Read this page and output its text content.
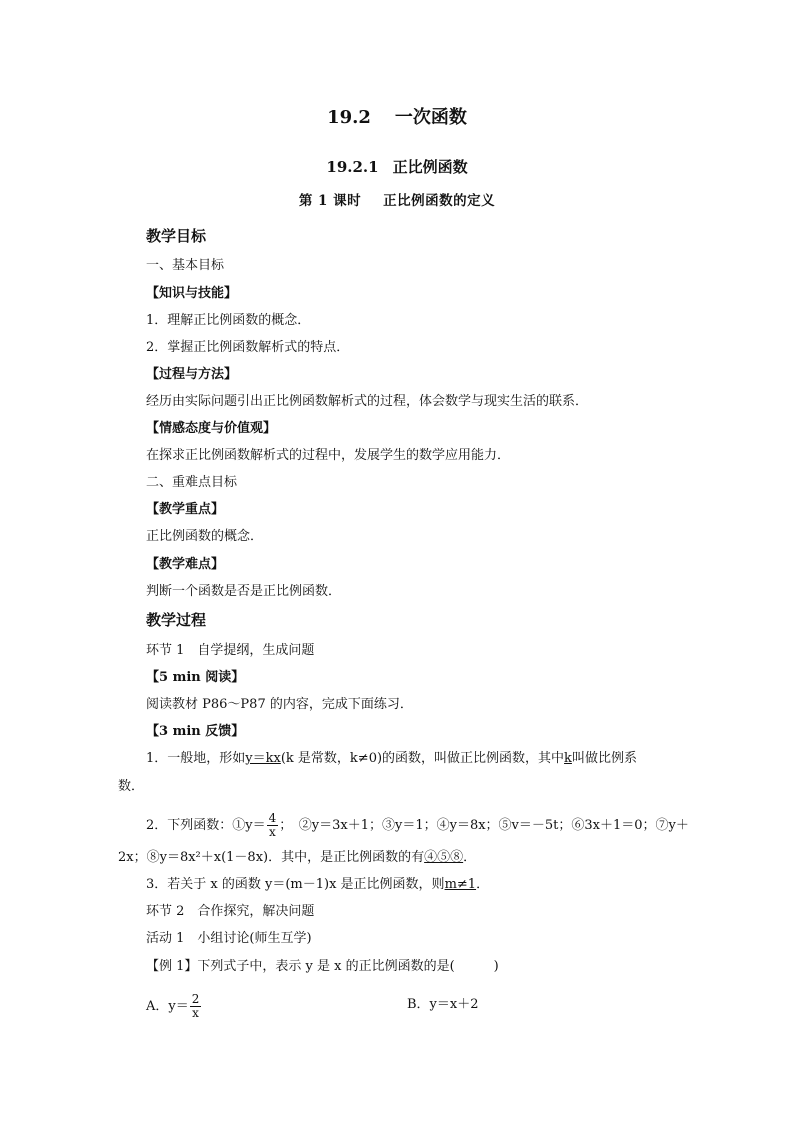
19.2 一次函数
19.2.1 正比例函数
第 1 课时 正比例函数的定义
教学目标
一、基本目标
【知识与技能】
1．理解正比例函数的概念．
2．掌握正比例函数解析式的特点．
【过程与方法】
经历由实际问题引出正比例函数解析式的过程，体会数学与现实生活的联系．
【情感态度与价值观】
在探求正比例函数解析式的过程中，发展学生的数学应用能力．
二、重难点目标
【教学重点】
正比例函数的概念．
【教学难点】
判断一个函数是否是正比例函数．
教学过程
环节 1　自学提纲，生成问题
【5 min 阅读】
阅读教材 P86～P87 的内容，完成下面练习．
【3 min 反馈】
1．一般地，形如y＝kx(k 是常数，k≠0)的函数，叫做正比例函数，其中k叫做比例系
数．
2．下列函数：①y＝ $\frac{4}{x}$ ；　②y＝3x＋1；③y＝1；④y＝8x；⑤v＝－5t；⑥3x＋1＝0；⑦y＋
2x；⑧y＝8x²＋x(1－8x)．其中，是正比例函数的有④⑤⑧．
3．若关于 x 的函数 y＝(m－1)x 是正比例函数，则m≠1．
环节 2　合作探究，解决问题
活动 1　小组讨论(师生互学)
【例 1】下列式子中，表示 y 是 x 的正比例函数的是(　　　)
A．$y= \frac{2}{x}$	B．y＝x＋2
